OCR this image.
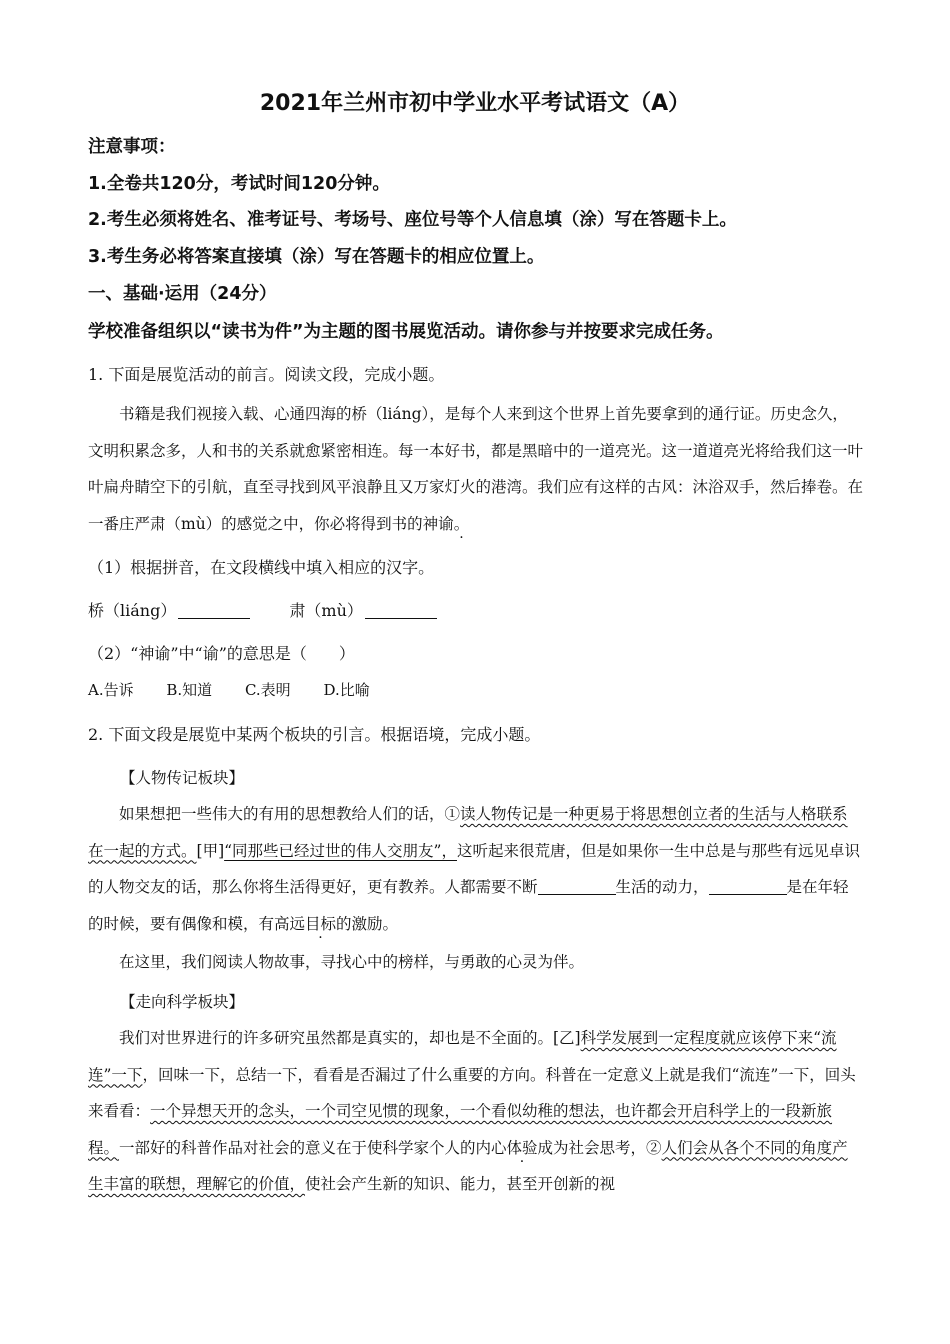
2021年兰州市初中学业水平考试语文（A）
注意事项：
1.全卷共120分，考试时间120分钟。
2.考生必须将姓名、准考证号、考场号、座位号等个人信息填（涂）写在答题卡上。
3.考生务必将答案直接填（涂）写在答题卡的相应位置上。
一、基础·运用（24分）
学校准备组织以“读书为件”为主题的图书展览活动。请你参与并按要求完成任务。
1. 下面是展览活动的前言。阅读文段，完成小题。
书籍是我们视接入载、心通四海的桥（liáng），是每个人来到这个世界上首先要拿到的通行证。历史念久，文明积累念多，人和书的关系就愈紧密相连。每一本好书，都是黑暗中的一道亮光。这一道道亮光将给我们这一叶叶扁舟睛空下的引航，直至寻找到风平浪静且又万家灯火的港湾。我们应有这样的古风：沐浴双手，然后捧卷。在一番庄严肃（mù）的感觉之中，你必将得到书的神谕。
（1）根据拼音，在文段横线中填入相应的汉字。
桥（liáng）	肃（mù）
（2）“神谕”中“谕”的意思是（　　）
A.告诉 B.知道 C.表明 D.比喻
2. 下面文段是展览中某两个板块的引言。根据语境，完成小题。
【人物传记板块】
如果想把一些伟大的有用的思想教给人们的话，①读人物传记是一种更易于将思想创立者的生活与人格联系在一起的方式。[甲]“同那些已经过世的伟人交朋友”，这听起来很荒唐，但是如果你一生中总是与那些有远见卓识的人物交友的话，那么你将生活得更好，更有教养。人都需要不断	生活的动力，	是在年轻的时候，要有偶像和模，有高远目标的激励。
在这里，我们阅读人物故事，寻找心中的榜样，与勇敢的心灵为伴。
【走向科学板块】
我们对世界进行的许多研究虽然都是真实的，却也是不全面的。[乙]科学发展到一定程度就应该停下来“流连”一下，回味一下，总结一下，看看是否漏过了什么重要的方向。科普在一定意义上就是我们“流连”一下，回头来看看：一个异想天开的念头，一个司空见惯的现象，一个看似幼稚的想法，也许都会开启科学上的一段新旅程。一部好的科普作品对社会的意义在于使科学家个人的内心体验成为社会思考，②人们会从各个不同的角度产生丰富的联想，理解它的价值，使社会产生新的知识、能力，甚至开创新的视
